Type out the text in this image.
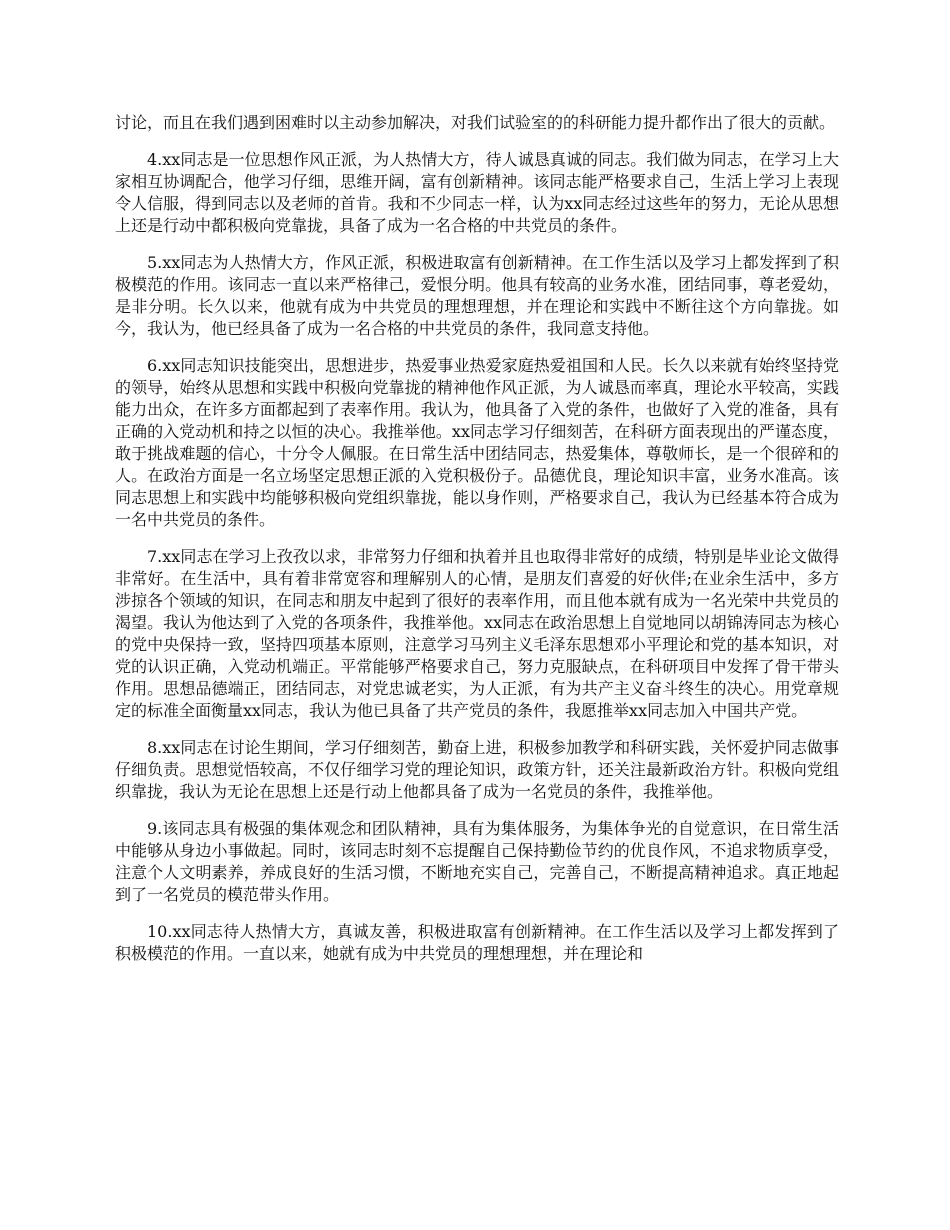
讨论，而且在我们遇到困难时以主动参加解决，对我们试验室的的科研能力提升都作出了很大的贡献。

4.xx同志是一位思想作风正派，为人热情大方，待人诚恳真诚的同志。我们做为同志，在学习上大家相互协调配合，他学习仔细，思维开阔，富有创新精神。该同志能严格要求自己，生活上学习上表现令人信服，得到同志以及老师的首肯。我和不少同志一样，认为xx同志经过这些年的努力，无论从思想上还是行动中都积极向党靠拢，具备了成为一名合格的中共党员的条件。

5.xx同志为人热情大方，作风正派，积极进取富有创新精神。在工作生活以及学习上都发挥到了积极模范的作用。该同志一直以来严格律己，爱恨分明。他具有较高的业务水准，团结同事，尊老爱幼，是非分明。长久以来，他就有成为中共党员的理想理想，并在理论和实践中不断往这个方向靠拢。如今，我认为，他已经具备了成为一名合格的中共党员的条件，我同意支持他。

6.xx同志知识技能突出，思想进步，热爱事业热爱家庭热爱祖国和人民。长久以来就有始终坚持党的领导，始终从思想和实践中积极向党靠拢的精神他作风正派，为人诚恳而率真，理论水平较高，实践能力出众，在许多方面都起到了表率作用。我认为，他具备了入党的条件，也做好了入党的准备，具有正确的入党动机和持之以恒的决心。我推举他。xx同志学习仔细刻苦，在科研方面表现出的严谨态度，敢于挑战难题的信心，十分令人佩服。在日常生活中团结同志，热爱集体，尊敬师长，是一个很碎和的人。在政治方面是一名立场坚定思想正派的入党积极份子。品德优良，理论知识丰富，业务水准高。该同志思想上和实践中均能够积极向党组织靠拢，能以身作则，严格要求自己，我认为已经基本符合成为一名中共党员的条件。

7.xx同志在学习上孜孜以求，非常努力仔细和执着并且也取得非常好的成绩，特别是毕业论文做得非常好。在生活中，具有着非常宽容和理解别人的心情，是朋友们喜爱的好伙伴;在业余生活中，多方涉掠各个领域的知识，在同志和朋友中起到了很好的表率作用，而且他本就有成为一名光荣中共党员的渴望。我认为他达到了入党的各项条件，我推举他。xx同志在政治思想上自觉地同以胡锦涛同志为核心的党中央保持一致，坚持四项基本原则，注意学习马列主义毛泽东思想邓小平理论和党的基本知识，对党的认识正确，入党动机端正。平常能够严格要求自己，努力克服缺点，在科研项目中发挥了骨干带头作用。思想品德端正，团结同志，对党忠诚老实，为人正派，有为共产主义奋斗终生的决心。用党章规定的标准全面衡量xx同志，我认为他已具备了共产党员的条件，我愿推举xx同志加入中国共产党。

8.xx同志在讨论生期间，学习仔细刻苦，勤奋上进，积极参加教学和科研实践，关怀爱护同志做事仔细负责。思想觉悟较高，不仅仔细学习党的理论知识，政策方针，还关注最新政治方针。积极向党组织靠拢，我认为无论在思想上还是行动上他都具备了成为一名党员的条件，我推举他。

9.该同志具有极强的集体观念和团队精神，具有为集体服务，为集体争光的自觉意识，在日常生活中能够从身边小事做起。同时，该同志时刻不忘提醒自己保持勤俭节约的优良作风，不追求物质享受，注意个人文明素养，养成良好的生活习惯，不断地充实自己，完善自己，不断提高精神追求。真正地起到了一名党员的模范带头作用。

10.xx同志待人热情大方，真诚友善，积极进取富有创新精神。在工作生活以及学习上都发挥到了积极模范的作用。一直以来，她就有成为中共党员的理想理想，并在理论和
